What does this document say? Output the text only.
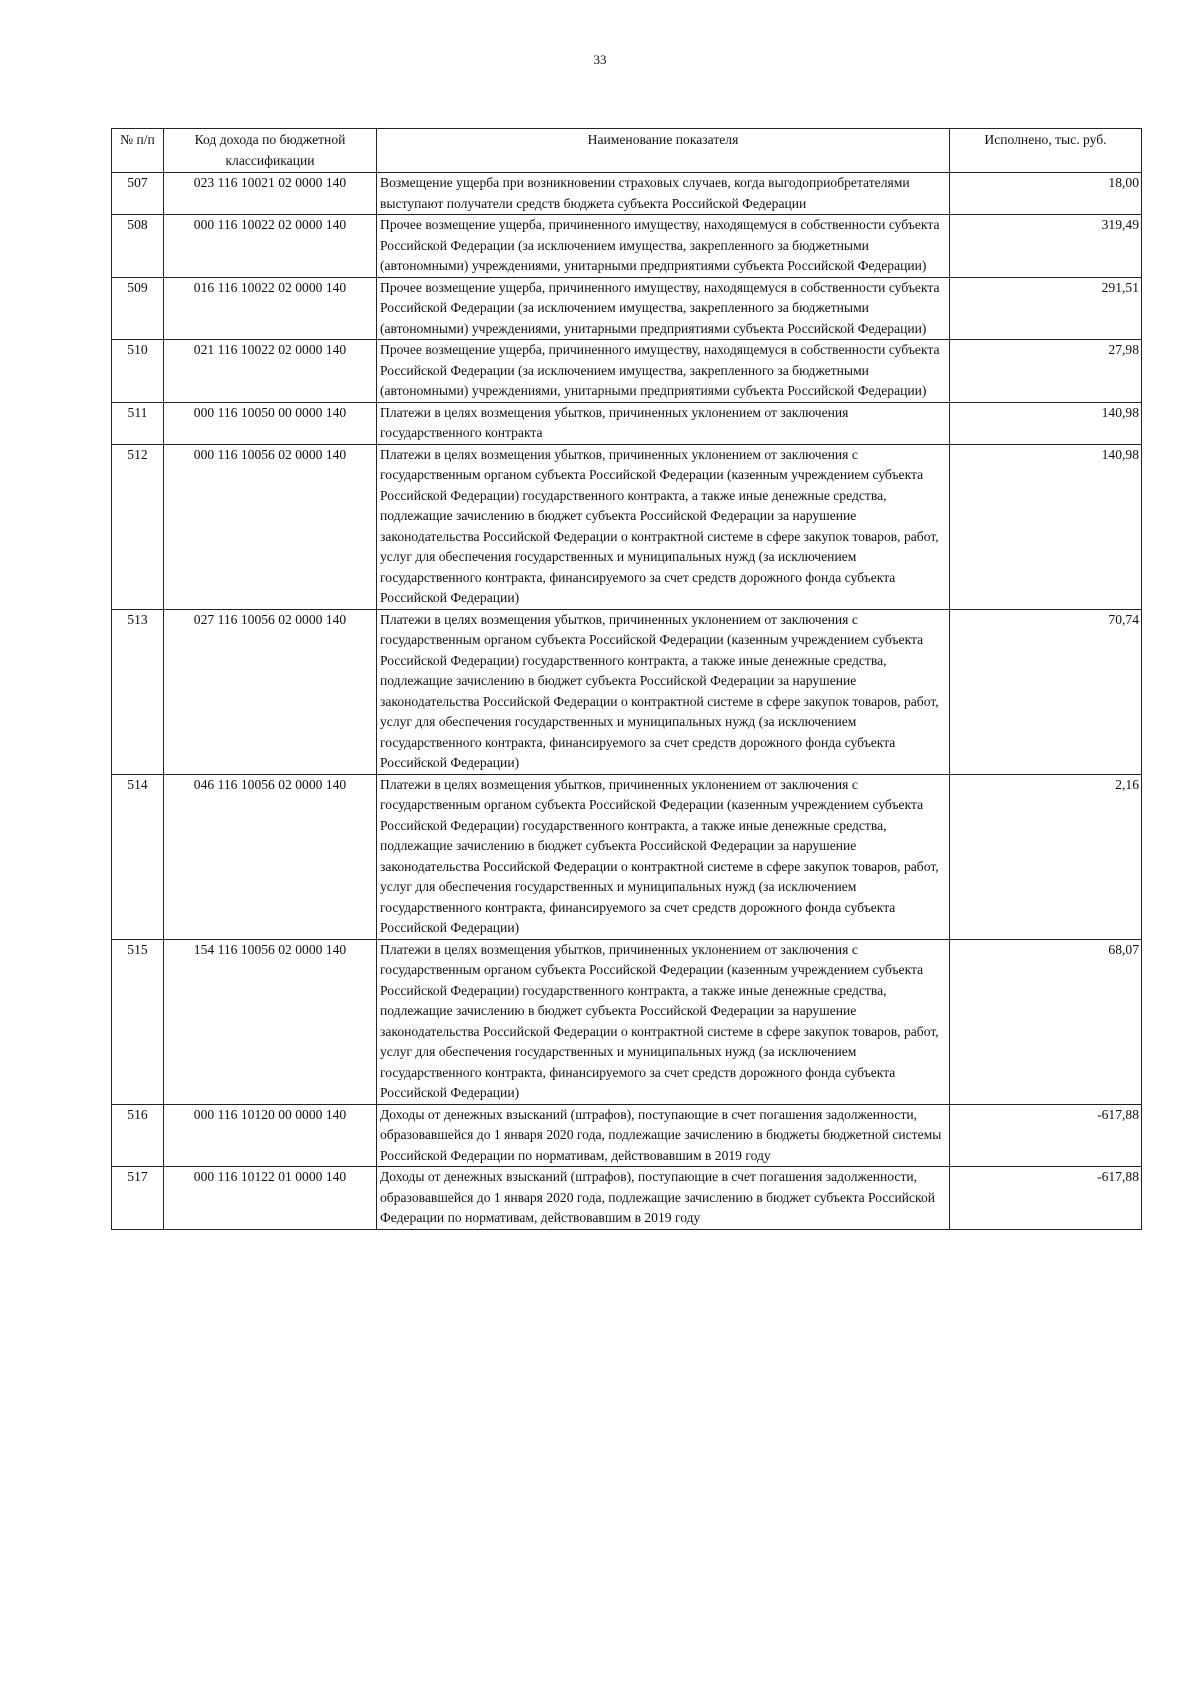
33
№ п/п	Код дохода по бюджетной классификации	Наименование показателя	Исполнено, тыс. руб.
507	023 116 10021 02 0000 140	Возмещение ущерба при возникновении страховых случаев, когда выгодоприобретателями выступают получатели средств бюджета субъекта Российской Федерации	18,00
508	000 116 10022 02 0000 140	Прочее возмещение ущерба, причиненного имуществу, находящемуся в собственности субъекта Российской Федерации (за исключением имущества, закрепленного за бюджетными (автономными) учреждениями, унитарными предприятиями субъекта Российской Федерации)	319,49
509	016 116 10022 02 0000 140	Прочее возмещение ущерба, причиненного имуществу, находящемуся в собственности субъекта Российской Федерации (за исключением имущества, закрепленного за бюджетными (автономными) учреждениями, унитарными предприятиями субъекта Российской Федерации)	291,51
510	021 116 10022 02 0000 140	Прочее возмещение ущерба, причиненного имуществу, находящемуся в собственности субъекта Российской Федерации (за исключением имущества, закрепленного за бюджетными (автономными) учреждениями, унитарными предприятиями субъекта Российской Федерации)	27,98
511	000 116 10050 00 0000 140	Платежи в целях возмещения убытков, причиненных уклонением от заключения государственного контракта	140,98
512	000 116 10056 02 0000 140	Платежи в целях возмещения убытков, причиненных уклонением от заключения с государственным органом субъекта Российской Федерации (казенным учреждением субъекта Российской Федерации) государственного контракта, а также иные денежные средства, подлежащие зачислению в бюджет субъекта Российской Федерации за нарушение законодательства Российской Федерации о контрактной системе в сфере закупок товаров, работ, услуг для обеспечения государственных и муниципальных нужд (за исключением государственного контракта, финансируемого за счет средств дорожного фонда субъекта Российской Федерации)	140,98
513	027 116 10056 02 0000 140	Платежи в целях возмещения убытков, причиненных уклонением от заключения с государственным органом субъекта Российской Федерации (казенным учреждением субъекта Российской Федерации) государственного контракта, а также иные денежные средства, подлежащие зачислению в бюджет субъекта Российской Федерации за нарушение законодательства Российской Федерации о контрактной системе в сфере закупок товаров, работ, услуг для обеспечения государственных и муниципальных нужд (за исключением государственного контракта, финансируемого за счет средств дорожного фонда субъекта Российской Федерации)	70,74
514	046 116 10056 02 0000 140	Платежи в целях возмещения убытков, причиненных уклонением от заключения с государственным органом субъекта Российской Федерации (казенным учреждением субъекта Российской Федерации) государственного контракта, а также иные денежные средства, подлежащие зачислению в бюджет субъекта Российской Федерации за нарушение законодательства Российской Федерации о контрактной системе в сфере закупок товаров, работ, услуг для обеспечения государственных и муниципальных нужд (за исключением государственного контракта, финансируемого за счет средств дорожного фонда субъекта Российской Федерации)	2,16
515	154 116 10056 02 0000 140	Платежи в целях возмещения убытков, причиненных уклонением от заключения с государственным органом субъекта Российской Федерации (казенным учреждением субъекта Российской Федерации) государственного контракта, а также иные денежные средства, подлежащие зачислению в бюджет субъекта Российской Федерации за нарушение законодательства Российской Федерации о контрактной системе в сфере закупок товаров, работ, услуг для обеспечения государственных и муниципальных нужд (за исключением государственного контракта, финансируемого за счет средств дорожного фонда субъекта Российской Федерации)	68,07
516	000 116 10120 00 0000 140	Доходы от денежных взысканий (штрафов), поступающие в счет погашения задолженности, образовавшейся до 1 января 2020 года, подлежащие зачислению в бюджеты бюджетной системы Российской Федерации по нормативам, действовавшим в 2019 году	-617,88
517	000 116 10122 01 0000 140	Доходы от денежных взысканий (штрафов), поступающие в счет погашения задолженности, образовавшейся до 1 января 2020 года, подлежащие зачислению в бюджет субъекта Российской Федерации по нормативам, действовавшим в 2019 году	-617,88
